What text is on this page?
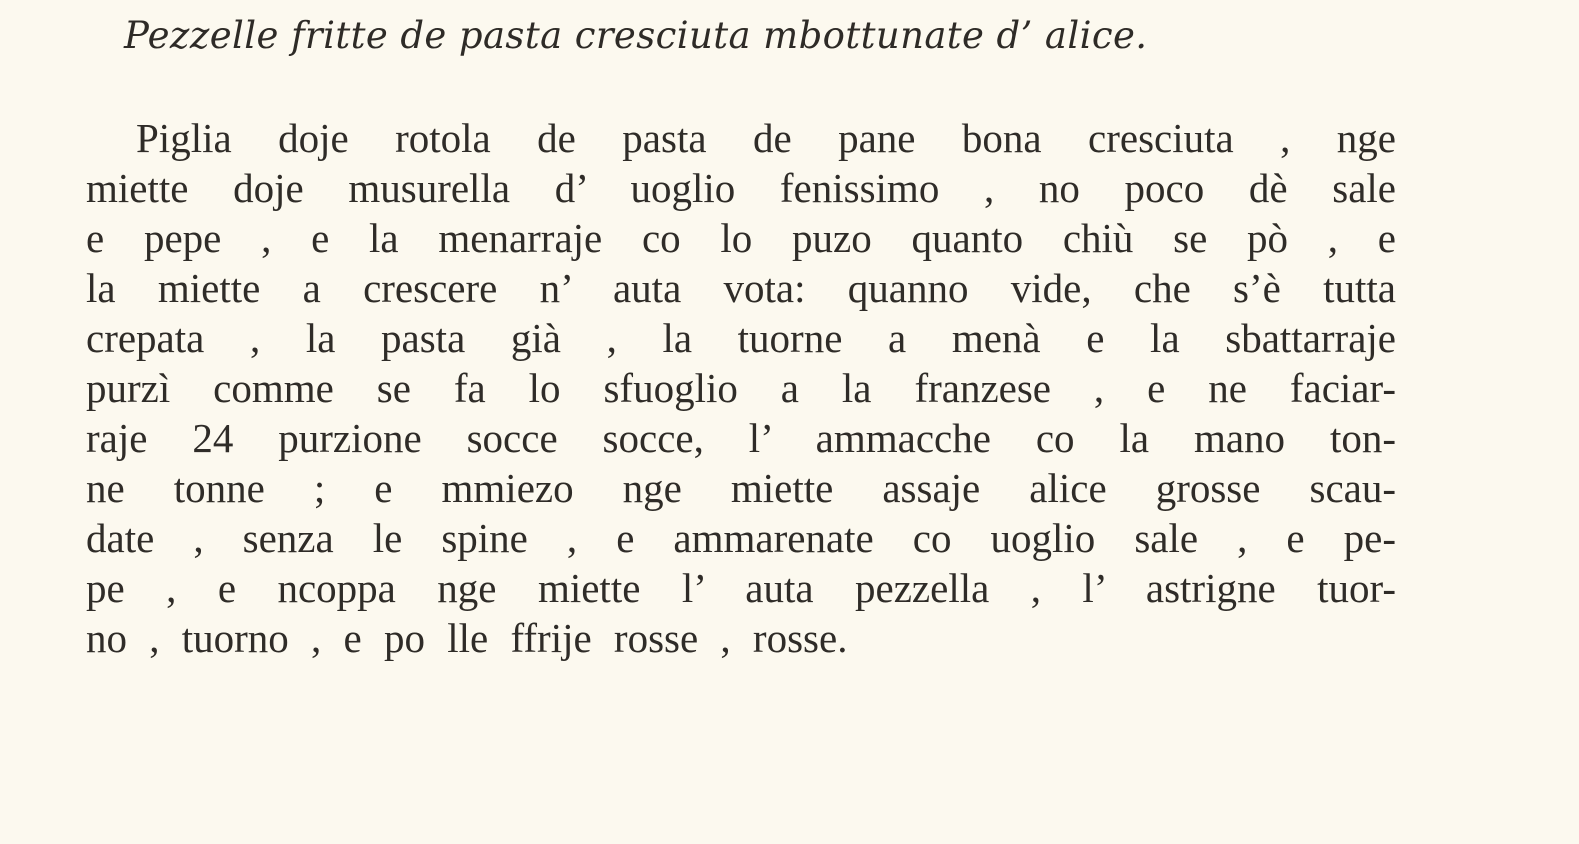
Pezzelle fritte de pasta cresciuta mbottunate d’ alice.
Piglia doje rotola de pasta de pane bona cresciuta , nge
miette doje musurella d’ uoglio fenissimo , no poco dè sale
e pepe , e la menarraje co lo puzo quanto chiù se pò , e
la miette a crescere n’ auta vota: quanno vide, che s’è tutta
crepata , la pasta già , la tuorne a menà e la sbattarraje
purzì comme se fa lo sfuoglio a la franzese , e ne faciar-
raje 24 purzione socce socce, l’ ammacche co la mano ton-
ne tonne ; e mmiezo nge miette assaje alice grosse scau-
date , senza le spine , e ammarenate co uoglio sale , e pe-
pe , e ncoppa nge miette l’ auta pezzella , l’ astrigne tuor-
no , tuorno , e po lle ffrije rosse , rosse.
